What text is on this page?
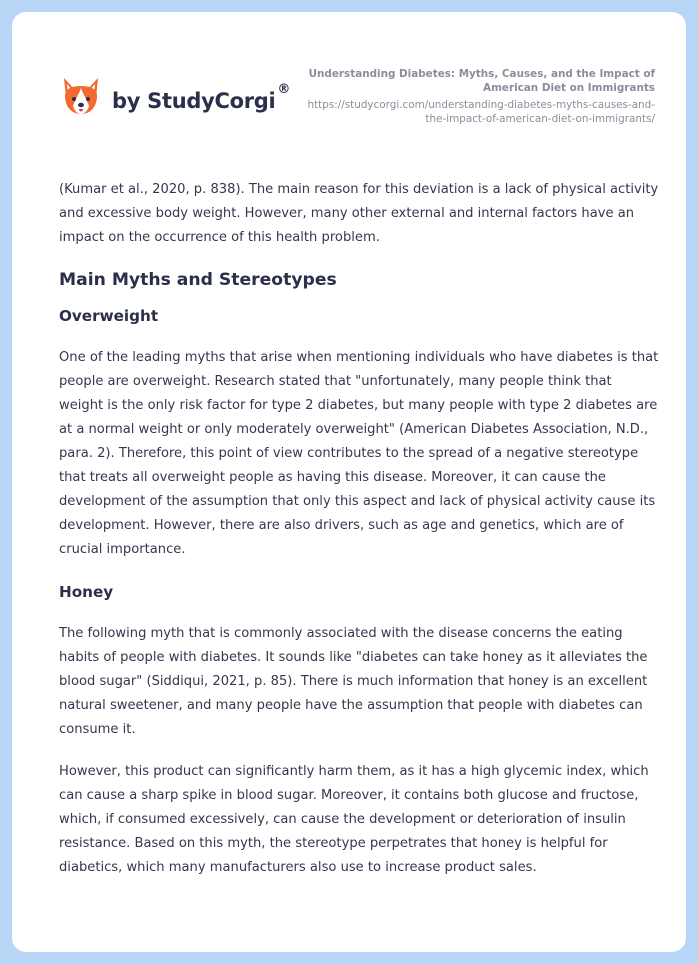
by StudyCorgi ®
Understanding Diabetes: Myths, Causes, and the Impact of American Diet on Immigrants
https://studycorgi.com/understanding-diabetes-myths-causes-and-the-impact-of-american-diet-on-immigrants/

(Kumar et al., 2020, p. 838). The main reason for this deviation is a lack of physical activity and excessive body weight. However, many other external and internal factors have an impact on the occurrence of this health problem.

Main Myths and Stereotypes
Overweight

One of the leading myths that arise when mentioning individuals who have diabetes is that people are overweight. Research stated that "unfortunately, many people think that weight is the only risk factor for type 2 diabetes, but many people with type 2 diabetes are at a normal weight or only moderately overweight" (American Diabetes Association, N.D., para. 2). Therefore, this point of view contributes to the spread of a negative stereotype that treats all overweight people as having this disease. Moreover, it can cause the development of the assumption that only this aspect and lack of physical activity cause its development. However, there are also drivers, such as age and genetics, which are of crucial importance.

Honey

The following myth that is commonly associated with the disease concerns the eating habits of people with diabetes. It sounds like "diabetes can take honey as it alleviates the blood sugar" (Siddiqui, 2021, p. 85). There is much information that honey is an excellent natural sweetener, and many people have the assumption that people with diabetes can consume it.

However, this product can significantly harm them, as it has a high glycemic index, which can cause a sharp spike in blood sugar. Moreover, it contains both glucose and fructose, which, if consumed excessively, can cause the development or deterioration of insulin resistance. Based on this myth, the stereotype perpetrates that honey is helpful for diabetics, which many manufacturers also use to increase product sales.
